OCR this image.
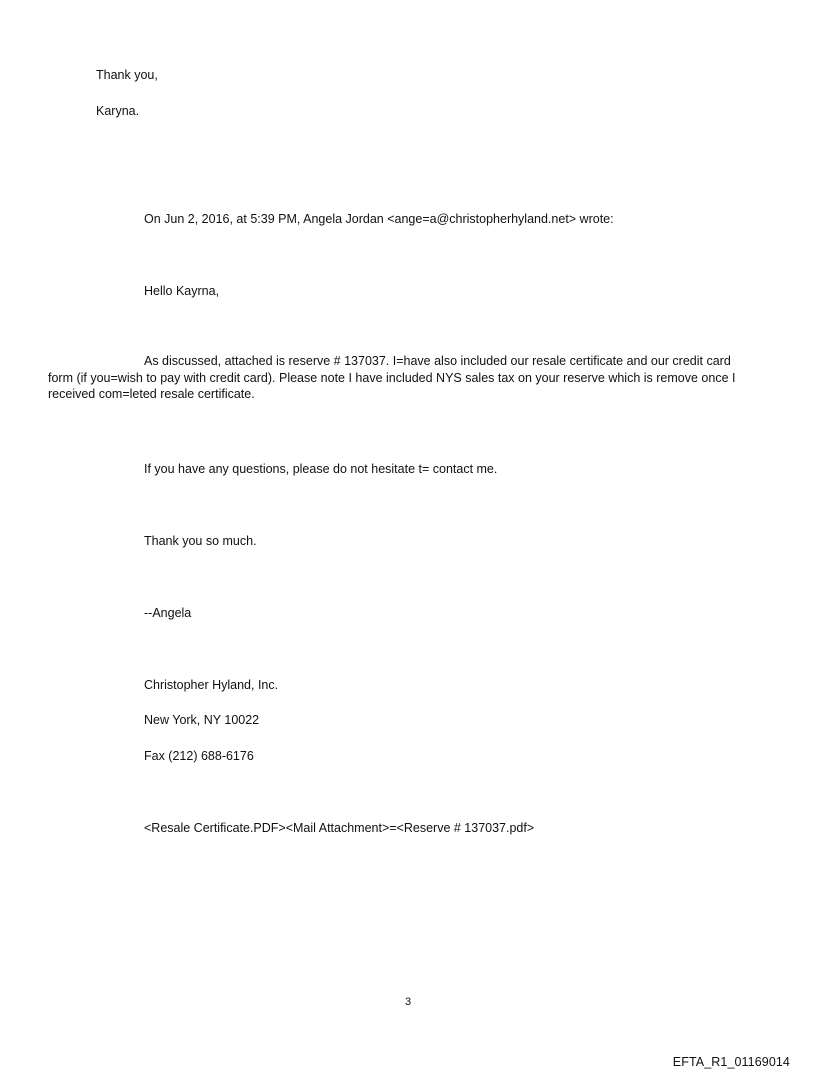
Thank you,

Karyna.

On Jun 2, 2016, at 5:39 PM, Angela Jordan <ange=a@christopherhyland.net> wrote:

Hello Kayrna,

As discussed, attached is reserve # 137037. I=have also included our resale certificate and our credit card form (if you=wish to pay with credit card). Please note I have included NYS sales tax on your reserve which is remove once I received com=leted resale certificate.

If you have any questions, please do not hesitate t= contact me.

Thank you so much.

--Angela

Christopher Hyland, Inc.

New York, NY 10022

Fax (212) 688-6176

<Resale Certificate.PDF><Mail Attachment>=<Reserve # 137037.pdf>

3
EFTA_R1_01169014
